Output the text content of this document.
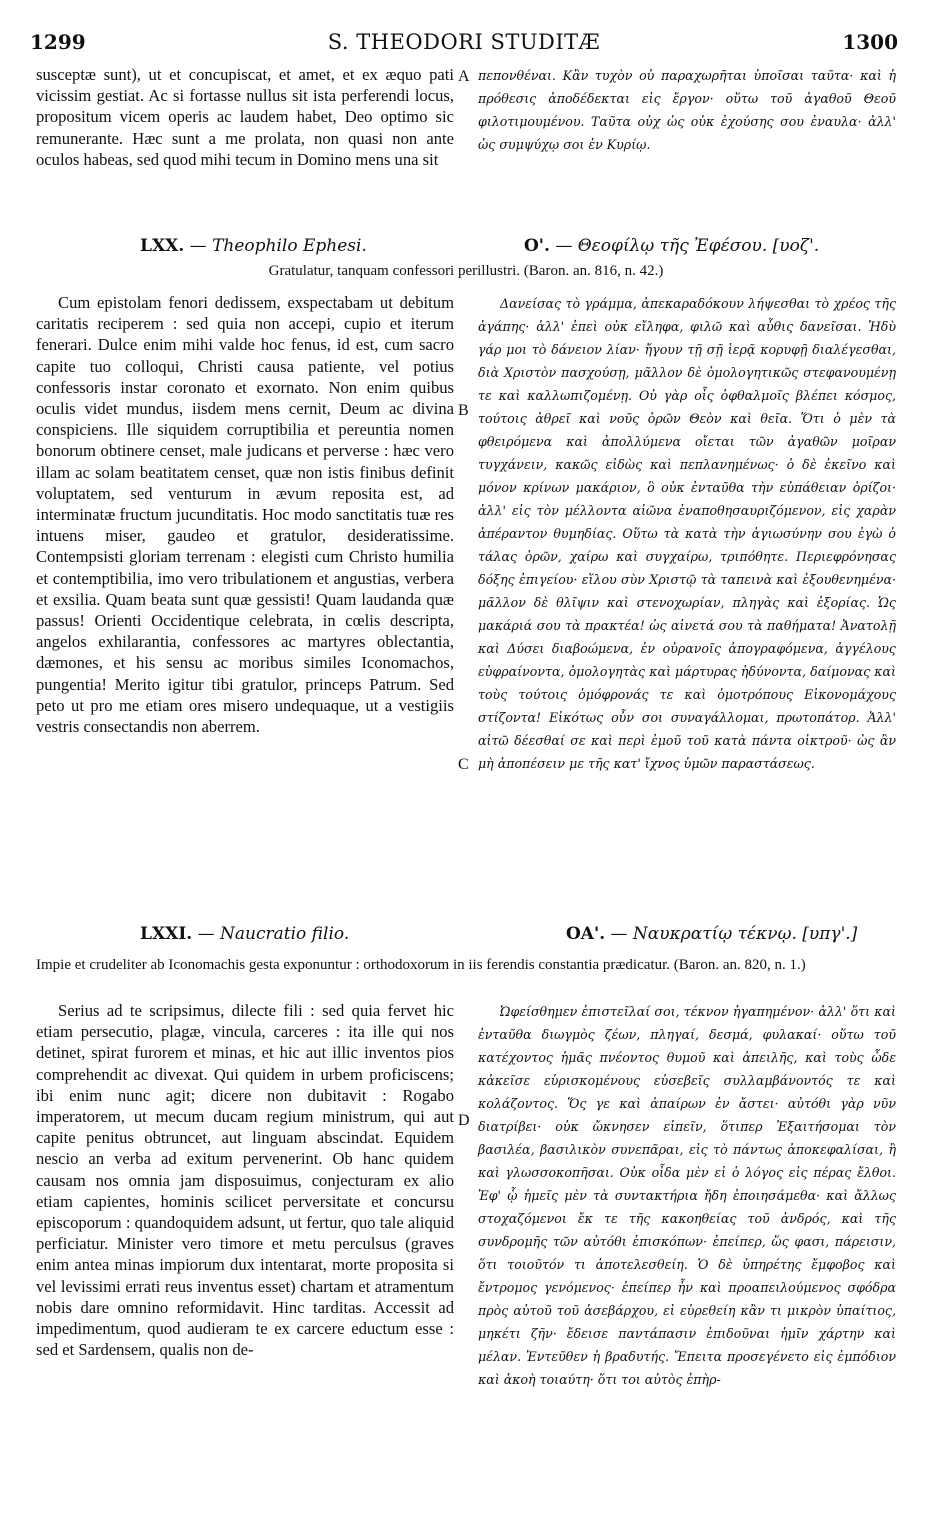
1299	S. THEODORI STUDITÆ	1300

susceptæ sunt), ut et concupiscat, et amet, et ex æquo pati vicissim gestiat. Ac si fortasse nullus sit ista perferendi locus, propositum vicem operis ac laudem habet, Deo optimo sic remunerante. Hæc sunt a me prolata, non quasi non ante oculos habeas, sed quod mihi tecum in Domino mens una sit

πεπονθέναι. Κἂν τυχὸν οὐ παραχωρῆται ὑποῖσαι ταῦτα· καὶ ἡ πρόθεσις ἀποδέδεκται εἰς ἔργον· οὕτω τοῦ ἀγαθοῦ Θεοῦ φιλοτιμουμένου. Ταῦτα οὐχ ὡς οὐκ ἐχούσης σου ἐναυλα· ἀλλ' ὡς συμψύχῳ σοι ἐν Κυρίῳ.

LXX. — Theophilo Ephesi.	Ο'. — Θεοφίλῳ τῆς Ἐφέσου. [υοζ'.
Gratulatur, tanquam confessori perillustri. (Baron. an. 816, n. 42.)

Cum epistolam fenori dedissem, exspectabam ut debitum caritatis reciperem : sed quia non accepi, cupio et iterum fenerari. Dulce enim mihi valde hoc fenus, id est, cum sacro capite tuo colloqui, Christi causa patiente, vel potius confessoris instar coronato et exornato. Non enim quibus oculis videt mundus, iisdem mens cernit, Deum ac divina conspiciens. Ille siquidem corruptibilia et pereuntia nomen bonorum obtinere censet, male judicans et perverse : hæc vero illam ac solam beatitatem censet, quæ non istis finibus definit voluptatem, sed venturum in ævum reposita est, ad interminatæ fructum jucunditatis. Hoc modo sanctitatis tuæ res intuens miser, gaudeo et gratulor, desideratissime. Contempsisti gloriam terrenam : elegisti cum Christo humilia et contemptibilia, imo vero tribulationem et angustias, verbera et exsilia. Quam beata sunt quæ gessisti! Quam laudanda quæ passus! Orienti Occidentique celebrata, in cœlis descripta, angelos exhilarantia, confessores ac martyres oblectantia, dæmones, et his sensu ac moribus similes Iconomachos, pungentia! Merito igitur tibi gratulor, princeps Patrum. Sed peto ut pro me etiam ores misero undequaque, ut a vestigiis vestris consectandis non aberrem.

Δανείσας τὸ γράμμα, ἀπεκαραδόκουν λήψεσθαι τὸ χρέος τῆς ἀγάπης· ἀλλ' ἐπεὶ οὐκ εἴληφα, φιλῶ καὶ αὖθις δανεῖσαι. Ἡδὺ γάρ μοι τὸ δάνειον λίαν· ἤγουν τῇ σῇ ἱερᾷ κορυφῇ διαλέγεσθαι, διὰ Χριστὸν πασχούσῃ, μᾶλλον δὲ ὁμολογητικῶς στεφανουμένῃ τε καὶ καλλωπιζομένῃ. Οὐ γὰρ οἷς ὀφθαλμοῖς βλέπει κόσμος, τούτοις ἀθρεῖ καὶ νοῦς ὁρῶν Θεὸν καὶ θεῖα. Ὅτι ὁ μὲν τὰ φθειρόμενα καὶ ἀπολλύμενα οἴεται τῶν ἀγαθῶν μοῖραν τυγχάνειν, κακῶς εἰδὼς καὶ πεπλανημένως· ὁ δὲ ἐκεῖνο καὶ μόνον κρίνων μακάριον, ὃ οὐκ ἐνταῦθα τὴν εὐπάθειαν ὁρίζοι· ἀλλ' εἰς τὸν μέλλοντα αἰῶνα ἐναποθησαυριζόμενον, εἰς χαρὰν ἀπέραντον θυμηδίας. Οὕτω τὰ κατὰ τὴν ἁγιωσύνην σου ἐγὼ ὁ τάλας ὁρῶν, χαίρω καὶ συγχαίρω, τριπόθητε. Περιεφρόνησας δόξης ἐπιγείου· εἵλου σὺν Χριστῷ τὰ ταπεινὰ καὶ ἐξουθενημένα· μᾶλλον δὲ θλῖψιν καὶ στενοχωρίαν, πληγὰς καὶ ἐξορίας. Ὡς μακάριά σου τὰ πρακτέα! ὡς αἰνετά σου τὰ παθήματα! Ἀνατολῇ καὶ Δύσει διαβοώμενα, ἐν οὐρανοῖς ἀπογραφόμενα, ἀγγέλους εὐφραίνοντα, ὁμολογητὰς καὶ μάρτυρας ἡδύνοντα, δαίμονας καὶ τοὺς τούτοις ὁμόφρονάς τε καὶ ὁμοτρόπους Εἰκονομάχους στίζοντα! Εἰκότως οὖν σοι συναγάλλομαι, πρωτοπάτορ. Ἀλλ' αἰτῶ δέεσθαί σε καὶ περὶ ἐμοῦ τοῦ κατὰ πάντα οἰκτροῦ· ὡς ἂν μὴ ἀποπέσειν με τῆς κατ' ἴχνος ὑμῶν παραστάσεως.

LXXI. — Naucratio filio.	ΟΑ'. — Ναυκρατίῳ τέκνῳ. [υπγ'.]
Impie et crudeliter ab Iconomachis gesta exponuntur : orthodoxorum in iis ferendis constantia prædicatur. (Baron. an. 820, n. 1.)

Serius ad te scripsimus, dilecte fili : sed quia fervet hic etiam persecutio, plagæ, vincula, carceres : ita ille qui nos detinet, spirat furorem et minas, et hic aut illic inventos pios comprehendit ac divexat. Qui quidem in urbem proficiscens; ibi enim nunc agit; dicere non dubitavit : Rogabo imperatorem, ut mecum ducam regium ministrum, qui aut capite penitus obtruncet, aut linguam abscindat. Equidem nescio an verba ad exitum pervenerint. Ob hanc quidem causam nos omnia jam disposuimus, conjecturam ex alio etiam capientes, hominis scilicet perversitate et concursu episcoporum : quandoquidem adsunt, ut fertur, quo tale aliquid perficiatur. Minister vero timore et metu perculsus (graves enim antea minas impiorum dux intentarat, morte proposita si vel levissimi errati reus inventus esset) chartam et atramentum nobis dare omnino reformidavit. Hinc tarditas. Accessit ad impedimentum, quod audieram te ex carcere eductum esse : sed et Sardensem, qualis non de-

Ὠφείσθημεν ἐπιστεῖλαί σοι, τέκνον ἠγαπημένον· ἀλλ' ὅτι καὶ ἐνταῦθα διωγμὸς ζέων, πληγαί, δεσμά, φυλακαί· οὕτω τοῦ κατέχοντος ἡμᾶς πνέοντος θυμοῦ καὶ ἀπειλῆς, καὶ τοὺς ὧδε κἀκεῖσε εὑρισκομένους εὐσεβεῖς συλλαμβάνοντός τε καὶ κολάζοντος. Ὅς γε καὶ ἀπαίρων ἐν ἄστει· αὐτόθι γὰρ νῦν διατρίβει· οὐκ ὤκνησεν εἰπεῖν, ὅτιπερ Ἐξαιτήσομαι τὸν βασιλέα, βασιλικὸν συνεπᾶραι, εἰς τὸ πάντως ἀποκεφαλίσαι, ἢ καὶ γλωσσοκοπῆσαι. Οὐκ οἶδα μὲν εἰ ὁ λόγος εἰς πέρας ἔλθοι. Ἐφ' ᾧ ἡμεῖς μὲν τὰ συντακτήρια ἤδη ἐποιησάμεθα· καὶ ἄλλως στοχαζόμενοι ἔκ τε τῆς κακοηθείας τοῦ ἀνδρός, καὶ τῆς συνδρομῆς τῶν αὐτόθι ἐπισκόπων· ἐπείπερ, ὥς φασι, πάρεισιν, ὅτι τοιοῦτόν τι ἀποτελεσθείη. Ὁ δὲ ὑπηρέτης ἔμφοβος καὶ ἔντρομος γενόμενος· ἐπείπερ ἦν καὶ προαπειλούμενος σφόδρα πρὸς αὐτοῦ τοῦ ἀσεβάρχου, εἰ εὑρεθείη κἂν τι μικρὸν ὑπαίτιος, μηκέτι ζῆν· ἔδεισε παντάπασιν ἐπιδοῦναι ἡμῖν χάρτην καὶ μέλαν. Ἐντεῦθεν ἡ βραδυτής. Ἔπειτα προσεγένετο εἰς ἐμπόδιον καὶ ἀκοὴ τοιαύτη· ὅτι τοι αὐτὸς ἐπὴρ-

A
B
C
D
